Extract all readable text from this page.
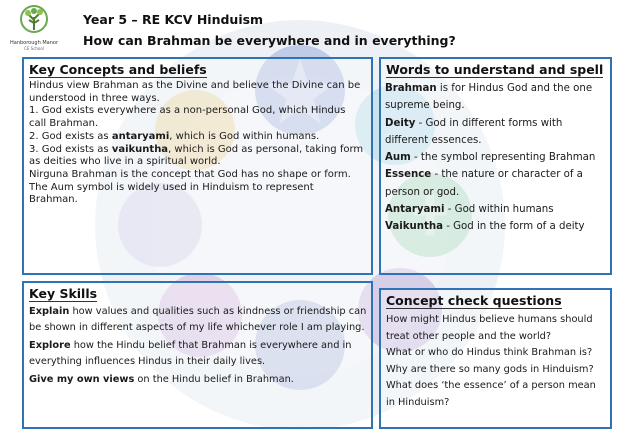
Hanborough Manor
CE School
Year 5 – RE KCV Hinduism
How can Brahman be everywhere and in everything?
Key Concepts and beliefs

Hindus view Brahman as the Divine and believe the Divine can be understood in three ways.

1. God exists everywhere as a non-personal God, which Hindus call Brahman.

2. God exists as antaryami, which is God within humans.

3. God exists as vaikuntha, which is God as personal, taking form as deities who live in a spiritual world.

Nirguna Brahman is the concept that God has no shape or form.

The Aum symbol is widely used in Hinduism to represent Brahman.

Words to understand and spell

Brahman is for Hindus God and the one supreme being.

Deity - God in different forms with different essences.

Aum - the symbol representing Brahman

Essence - the nature or character of a person or god.

Antaryami - God within humans

Vaikuntha - God in the form of a deity

Key Skills

Explain how values and qualities such as kindness or friendship can be shown in different aspects of my life whichever role I am playing.

Explore how the Hindu belief that Brahman is everywhere and in everything influences Hindus in their daily lives.

Give my own views on the Hindu belief in Brahman.

Concept check questions

How might Hindus believe humans should treat other people and the world?

What or who do Hindus think Brahman is?

Why are there so many gods in Hinduism?

What does ‘the essence’ of a person mean in Hinduism?
